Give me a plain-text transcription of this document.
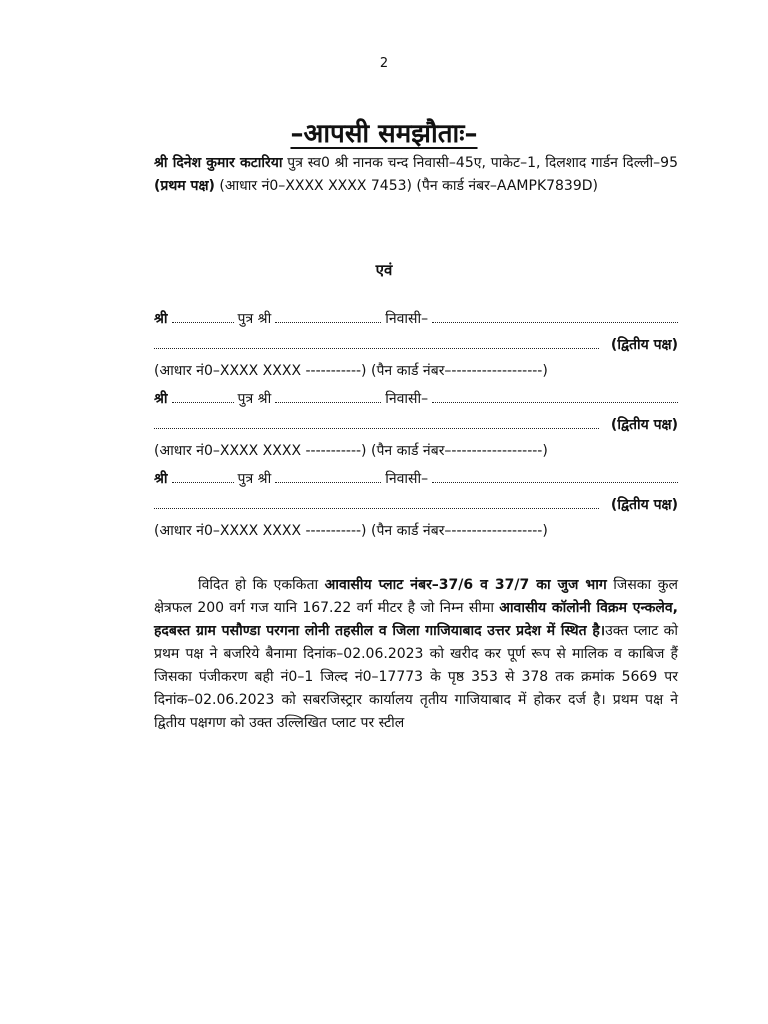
2
–आपसी समझौताः–
श्री दिनेश कुमार कटारिया पुत्र स्व0 श्री नानक चन्द निवासी–45ए, पाकेट–1, दिलशाद गार्डन दिल्ली–95 (प्रथम पक्ष) (आधार नं0–XXXX XXXX 7453) (पैन कार्ड नंबर–AAMPK7839D)
एवं
श्री	पुत्र श्री	निवासी–
(द्वितीय पक्ष)
(आधार नं0–XXXX XXXX -----------)
(पैन कार्ड नंबर–------------------)
श्री	पुत्र श्री	निवासी–
(द्वितीय पक्ष)
(आधार नं0–XXXX XXXX -----------)
(पैन कार्ड नंबर–------------------)
श्री	पुत्र श्री	निवासी–
(द्वितीय पक्ष)
(आधार नं0–XXXX XXXX -----------)
(पैन कार्ड नंबर–------------------)
विदित हो कि एककिता आवासीय प्लाट नंबर–37/6 व 37/7 का जुज भाग जिसका कुल क्षेत्रफल 200 वर्ग गज यानि 167.22 वर्ग मीटर है जो निम्न सीमा आवासीय कॉलोनी विक्रम एन्कलेव, हदबस्त ग्राम पसौण्डा परगना लोनी तहसील व जिला गाजियाबाद उत्तर प्रदेश में स्थित है।उक्त प्लाट को प्रथम पक्ष ने बजरिये बैनामा दिनांक–02.06.2023 को खरीद कर पूर्ण रूप से मालिक व काबिज हैं जिसका पंजीकरण बही नं0–1 जिल्द नं0–17773 के पृष्ठ 353 से 378 तक क्रमांक 5669 पर दिनांक–02.06.2023 को सबरजिस्ट्रार कार्यालय तृतीय गाजियाबाद में होकर दर्ज है। प्रथम पक्ष ने द्वितीय पक्षगण को उक्त उल्लिखित प्लाट पर स्टील
